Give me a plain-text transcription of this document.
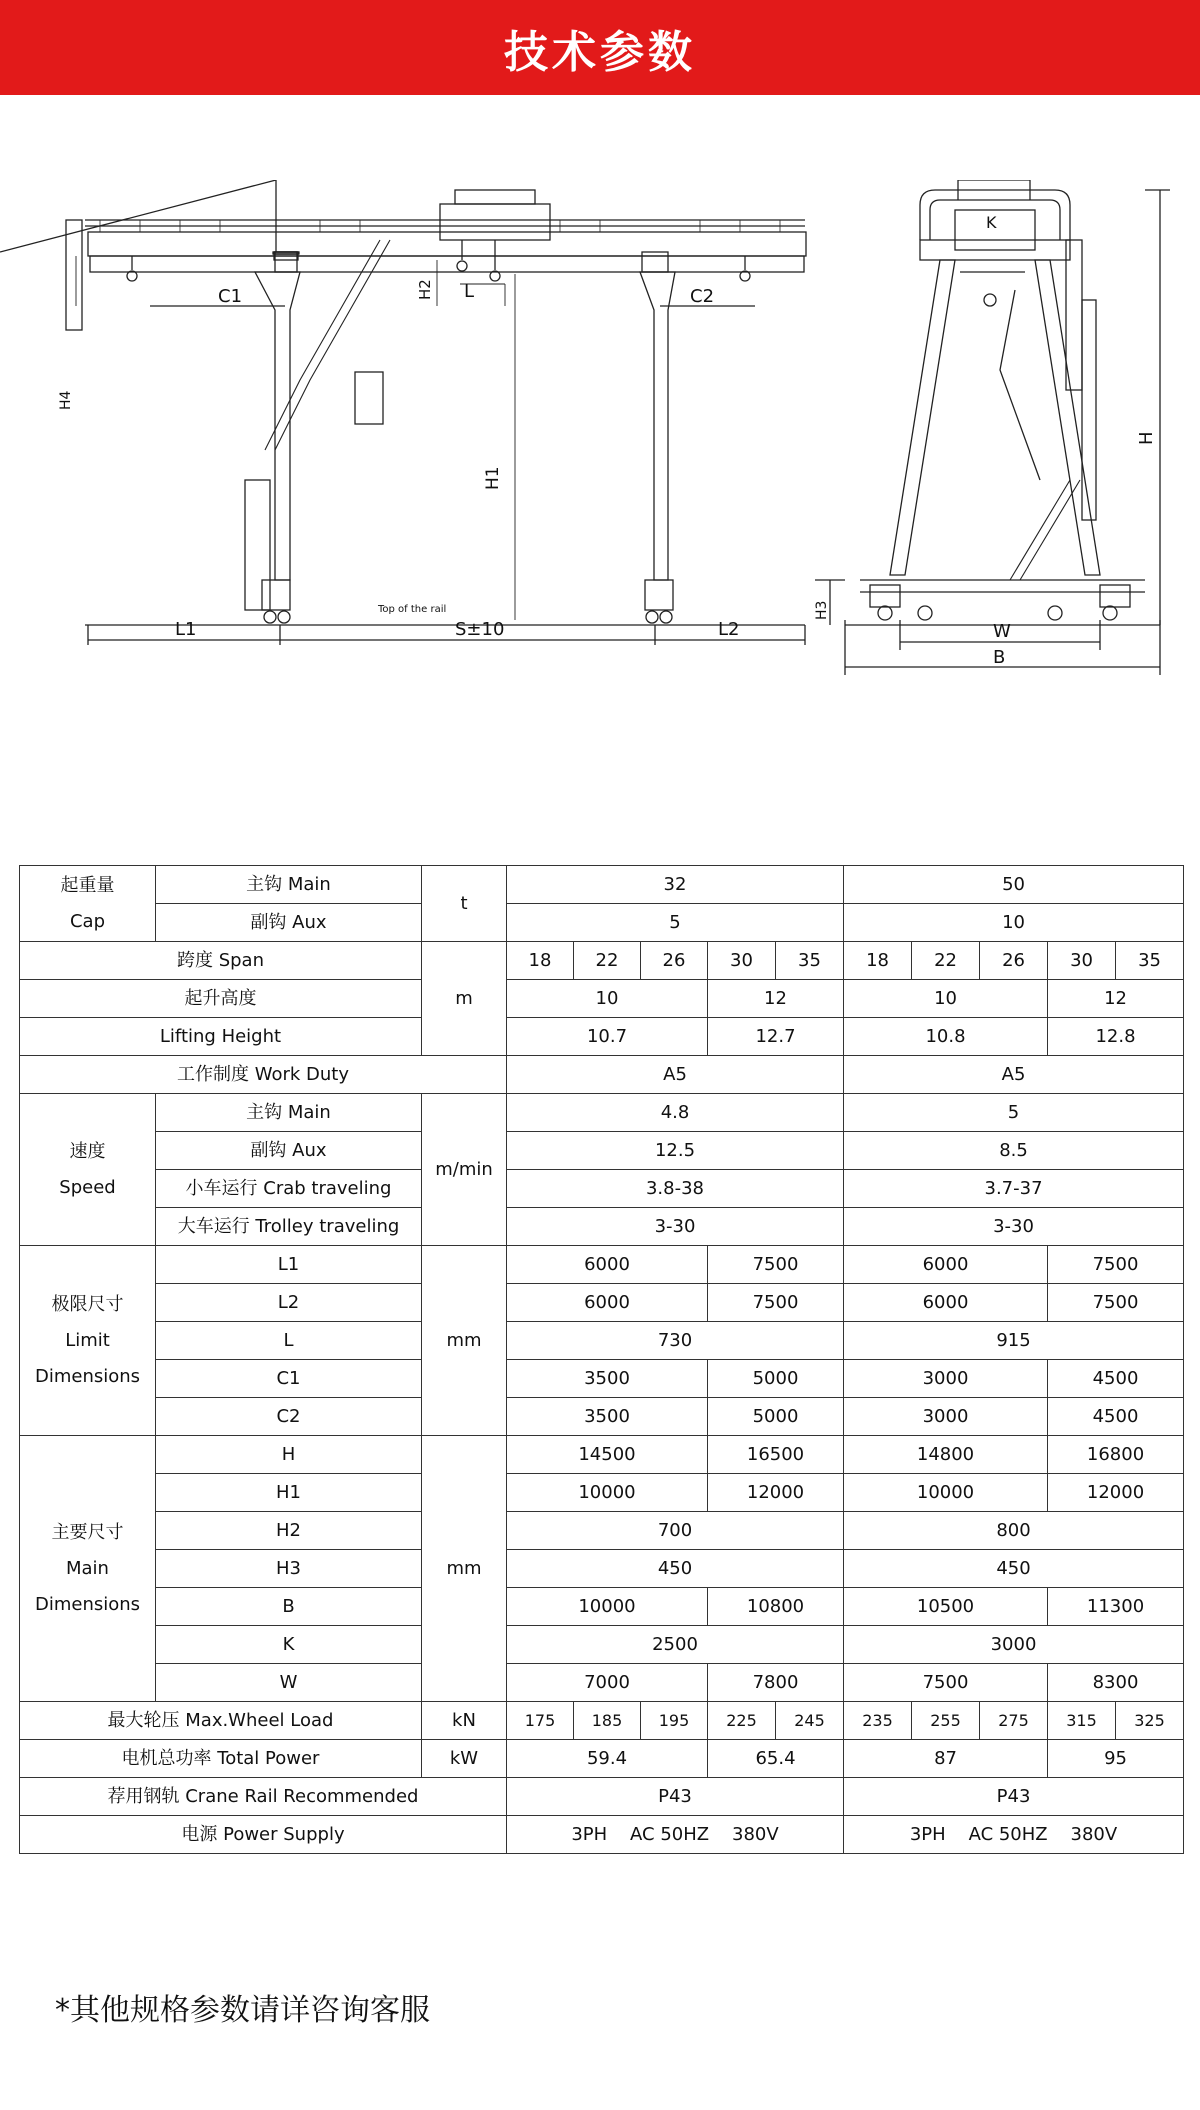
技术参数
C1	C2
L
H1
H2
H4
L1	S±10	L2
Top of the rail
K
H
W
B
H3
起重量
Cap	主钩 Main	t	32					50				
	副钩 Aux		5					10				
跨度 Span		m	18	22	26	30	35	18	22	26	30	35
起升高度			10			12		10			12	
Lifting Height			10.7			12.7		10.8			12.8	
工作制度 Work Duty			A5					A5				
速度
Speed	主钩 Main	m/min	4.8					5				
	副钩 Aux		12.5					8.5				
	小车运行 Crab traveling		3.8-38					3.7-37				
	大车运行 Trolley traveling		3-30					3-30				
极限尺寸
Limit
Dimensions	L1	mm	6000			7500		6000			7500	
	L2		6000			7500		6000			7500	
	L		730					915				
	C1		3500			5000		3000			4500	
	C2		3500			5000		3000			4500	
主要尺寸
Main
Dimensions	H	mm	14500			16500		14800			16800	
	H1		10000			12000		10000			12000	
	H2		700					800				
	H3		450					450				
	B		10000			10800		10500			11300	
	K		2500					3000				
	W		7000			7800		7500			8300	
最大轮压 Max.Wheel Load		kN	175	185	195	225	245	235	255	275	315	325
电机总功率 Total Power		kW	59.4			65.4		87			95	
荐用钢轨 Crane Rail Recommended			P43					P43				
电源 Power Supply			3PH    AC 50HZ    380V					3PH    AC 50HZ    380V				
*其他规格参数请详咨询客服
